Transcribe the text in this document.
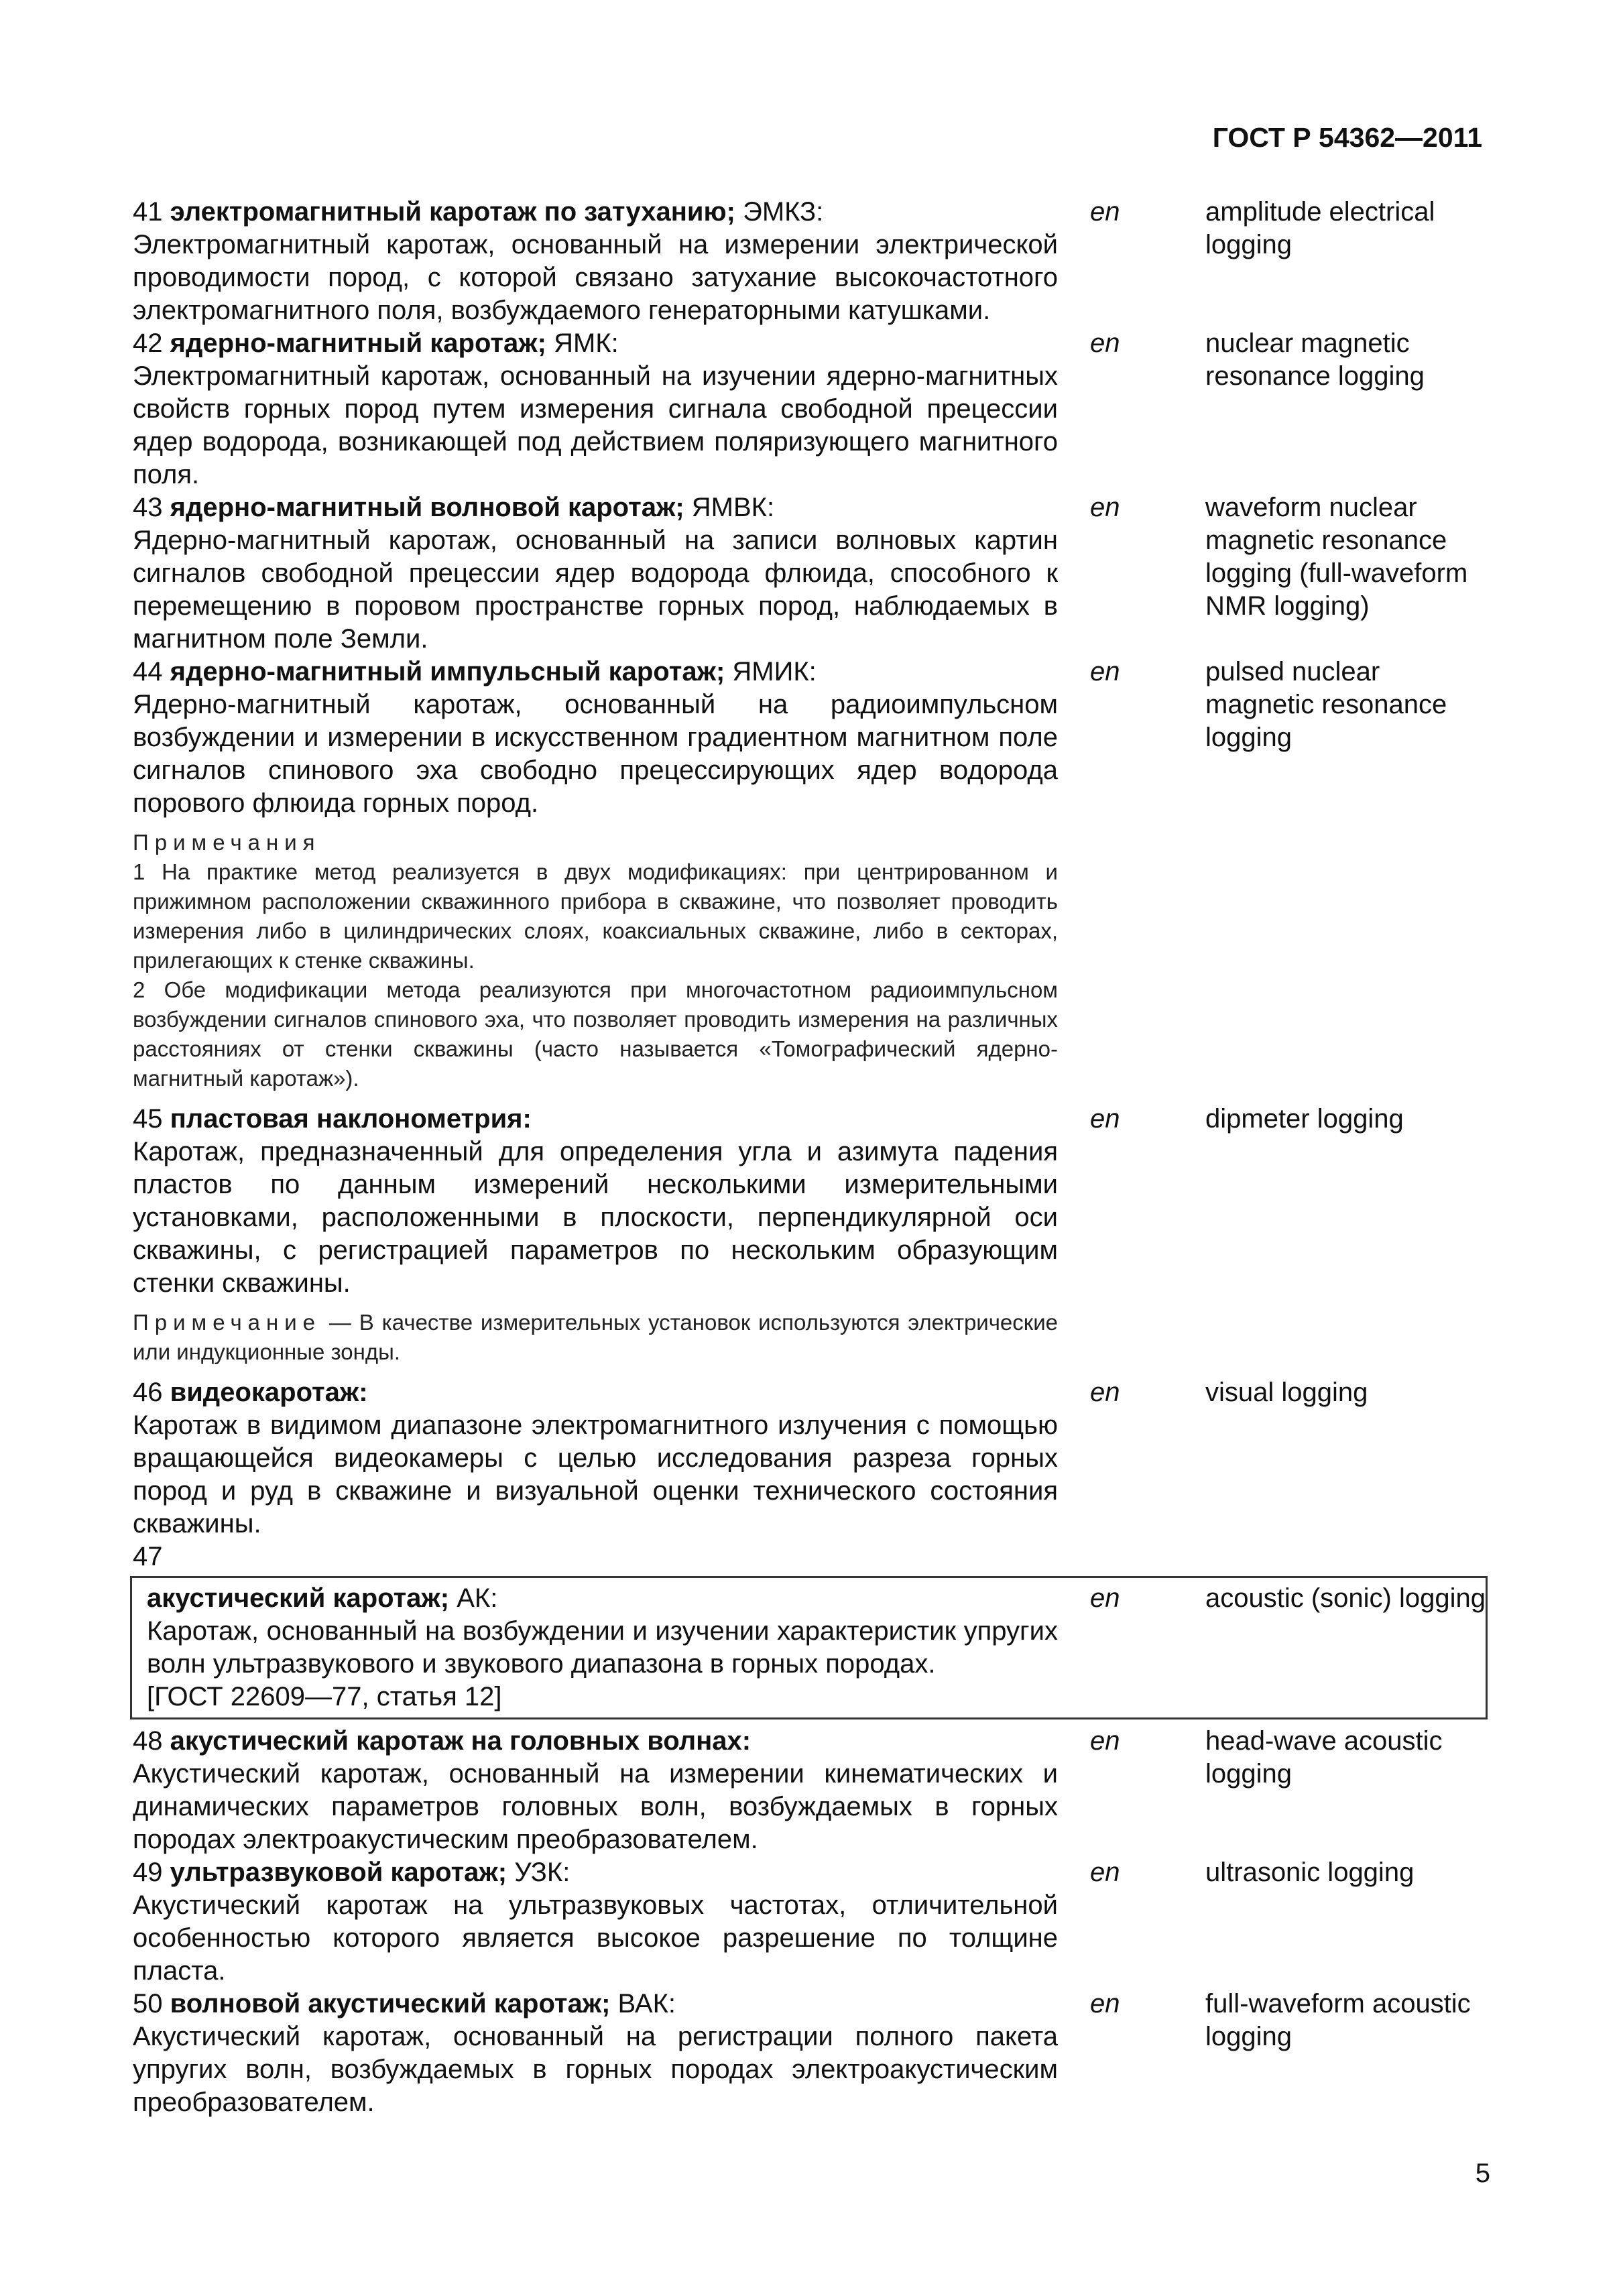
ГОСТ Р 54362—2011
41 электромагнитный каротаж по затуханию; ЭМКЗ:
Электромагнитный каротаж, основанный на измерении электрической проводимости пород, с которой связано затухание высокочастотного электромагнитного поля, возбуждаемого генераторными катушками.
en	amplitude electrical logging
42 ядерно-магнитный каротаж; ЯМК:
Электромагнитный каротаж, основанный на изучении ядерно-магнитных свойств горных пород путем измерения сигнала свободной прецессии ядер водорода, возникающей под действием поляризующего магнитного поля.
en	nuclear magnetic resonance logging
43 ядерно-магнитный волновой каротаж; ЯМВК:
Ядерно-магнитный каротаж, основанный на записи волновых картин сигналов свободной прецессии ядер водорода флюида, способного к перемещению в поровом пространстве горных пород, наблюдаемых в магнитном поле Земли.
en	waveform nuclear magnetic resonance logging (full-waveform NMR logging)
44 ядерно-магнитный импульсный каротаж; ЯМИК:
Ядерно-магнитный каротаж, основанный на радиоимпульсном возбуждении и измерении в искусственном градиентном магнитном поле сигналов спинового эха свободно прецессирующих ядер водорода порового флюида горных пород.
en	pulsed nuclear magnetic resonance logging
Примечания

1 На практике метод реализуется в двух модификациях: при центрированном и прижимном расположении скважинного прибора в скважине, что позволяет проводить измерения либо в цилиндрических слоях, коаксиальных скважине, либо в секторах, прилегающих к стенке скважины.

2 Обе модификации метода реализуются при многочастотном радиоимпульсном возбуждении сигналов спинового эха, что позволяет проводить измерения на различных расстояниях от стенки скважины (часто называется «Томографический ядерно-магнитный каротаж»).

45 пластовая наклонометрия:
Каротаж, предназначенный для определения угла и азимута падения пластов по данным измерений несколькими измерительными установками, расположенными в плоскости, перпендикулярной оси скважины, с регистрацией параметров по нескольким образующим стенки скважины.
en	dipmeter logging

Примечание — В качестве измерительных установок используются электрические или индукционные зонды.

46 видеокаротаж:
Каротаж в видимом диапазоне электромагнитного излучения с помощью вращающейся видеокамеры с целью исследования разреза горных пород и руд в скважине и визуальной оценки технического состояния скважины.
en	visual logging
47
акустический каротаж; АК:
Каротаж, основанный на возбуждении и изучении характеристик упругих волн ультразвукового и звукового диапазона в горных породах.
[ГОСТ 22609—77, статья 12]
en	acoustic (sonic) logging
48 акустический каротаж на головных волнах:
Акустический каротаж, основанный на измерении кинематических и динамических параметров головных волн, возбуждаемых в горных породах электроакустическим преобразователем.
en	head-wave acoustic logging
49 ультразвуковой каротаж; УЗК:
Акустический каротаж на ультразвуковых частотах, отличительной особенностью которого является высокое разрешение по толщине пласта.
en	ultrasonic logging
50 волновой акустический каротаж; ВАК:
Акустический каротаж, основанный на регистрации полного пакета упругих волн, возбуждаемых в горных породах электроакустическим преобразователем.
en	full-waveform acoustic logging
5
